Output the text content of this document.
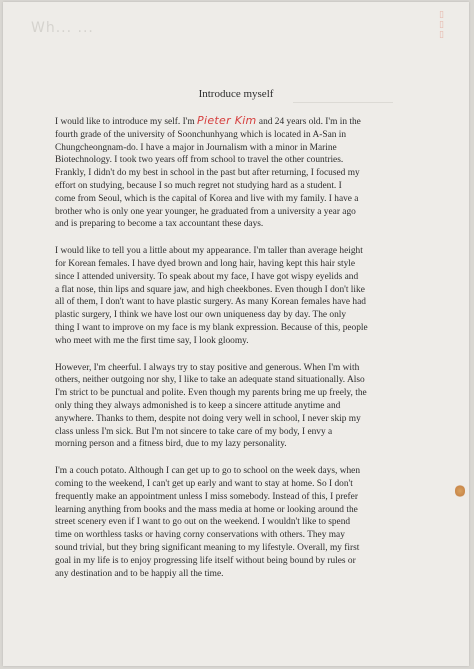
Wh... ...
▯
▯
▯
Introduce myself

I would like to introduce my self. I'm Pieter Kim and 24 years old. I'm in the
fourth grade of the university of Soonchunhyang which is located in A-San in
Chungcheongnam-do. I have a major in Journalism with a minor in Marine
Biotechnology. I took two years off from school to travel the other countries.
Frankly, I didn't do my best in school in the past but after returning, I focused my
effort on studying, because I so much regret not studying hard as a student. I
come from Seoul, which is the capital of Korea and live with my family. I have a
brother who is only one year younger, he graduated from a university a year ago
and is preparing to become a tax accountant these days.

I would like to tell you a little about my appearance. I'm taller than average height
for Korean females. I have dyed brown and long hair, having kept this hair style
since I attended university. To speak about my face, I have got wispy eyelids and
a flat nose, thin lips and square jaw, and high cheekbones. Even though I don't like
all of them, I don't want to have plastic surgery. As many Korean females have had
plastic surgery, I think we have lost our own uniqueness day by day. The only
thing I want to improve on my face is my blank expression. Because of this, people
who meet with me the first time say, I look gloomy.

However, I'm cheerful. I always try to stay positive and generous. When I'm with
others, neither outgoing nor shy, I like to take an adequate stand situationally. Also
I'm strict to be punctual and polite. Even though my parents bring me up freely, the
only thing they always admonished is to keep a sincere attitude anytime and
anywhere. Thanks to them, despite not doing very well in school, I never skip my
class unless I'm sick. But I'm not sincere to take care of my body, I envy a
morning person and a fitness bird, due to my lazy personality.

I'm a couch potato. Although I can get up to go to school on the week days, when
coming to the weekend, I can't get up early and want to stay at home. So I don't
frequently make an appointment unless I miss somebody. Instead of this, I prefer
learning anything from books and the mass media at home or looking around the
street scenery even if I want to go out on the weekend. I wouldn't like to spend
time on worthless tasks or having corny conservations with others. They may
sound trivial, but they bring significant meaning to my lifestyle. Overall, my first
goal in my life is to enjoy progressing life itself without being bound by rules or
any destination and to be happiy all the time.
